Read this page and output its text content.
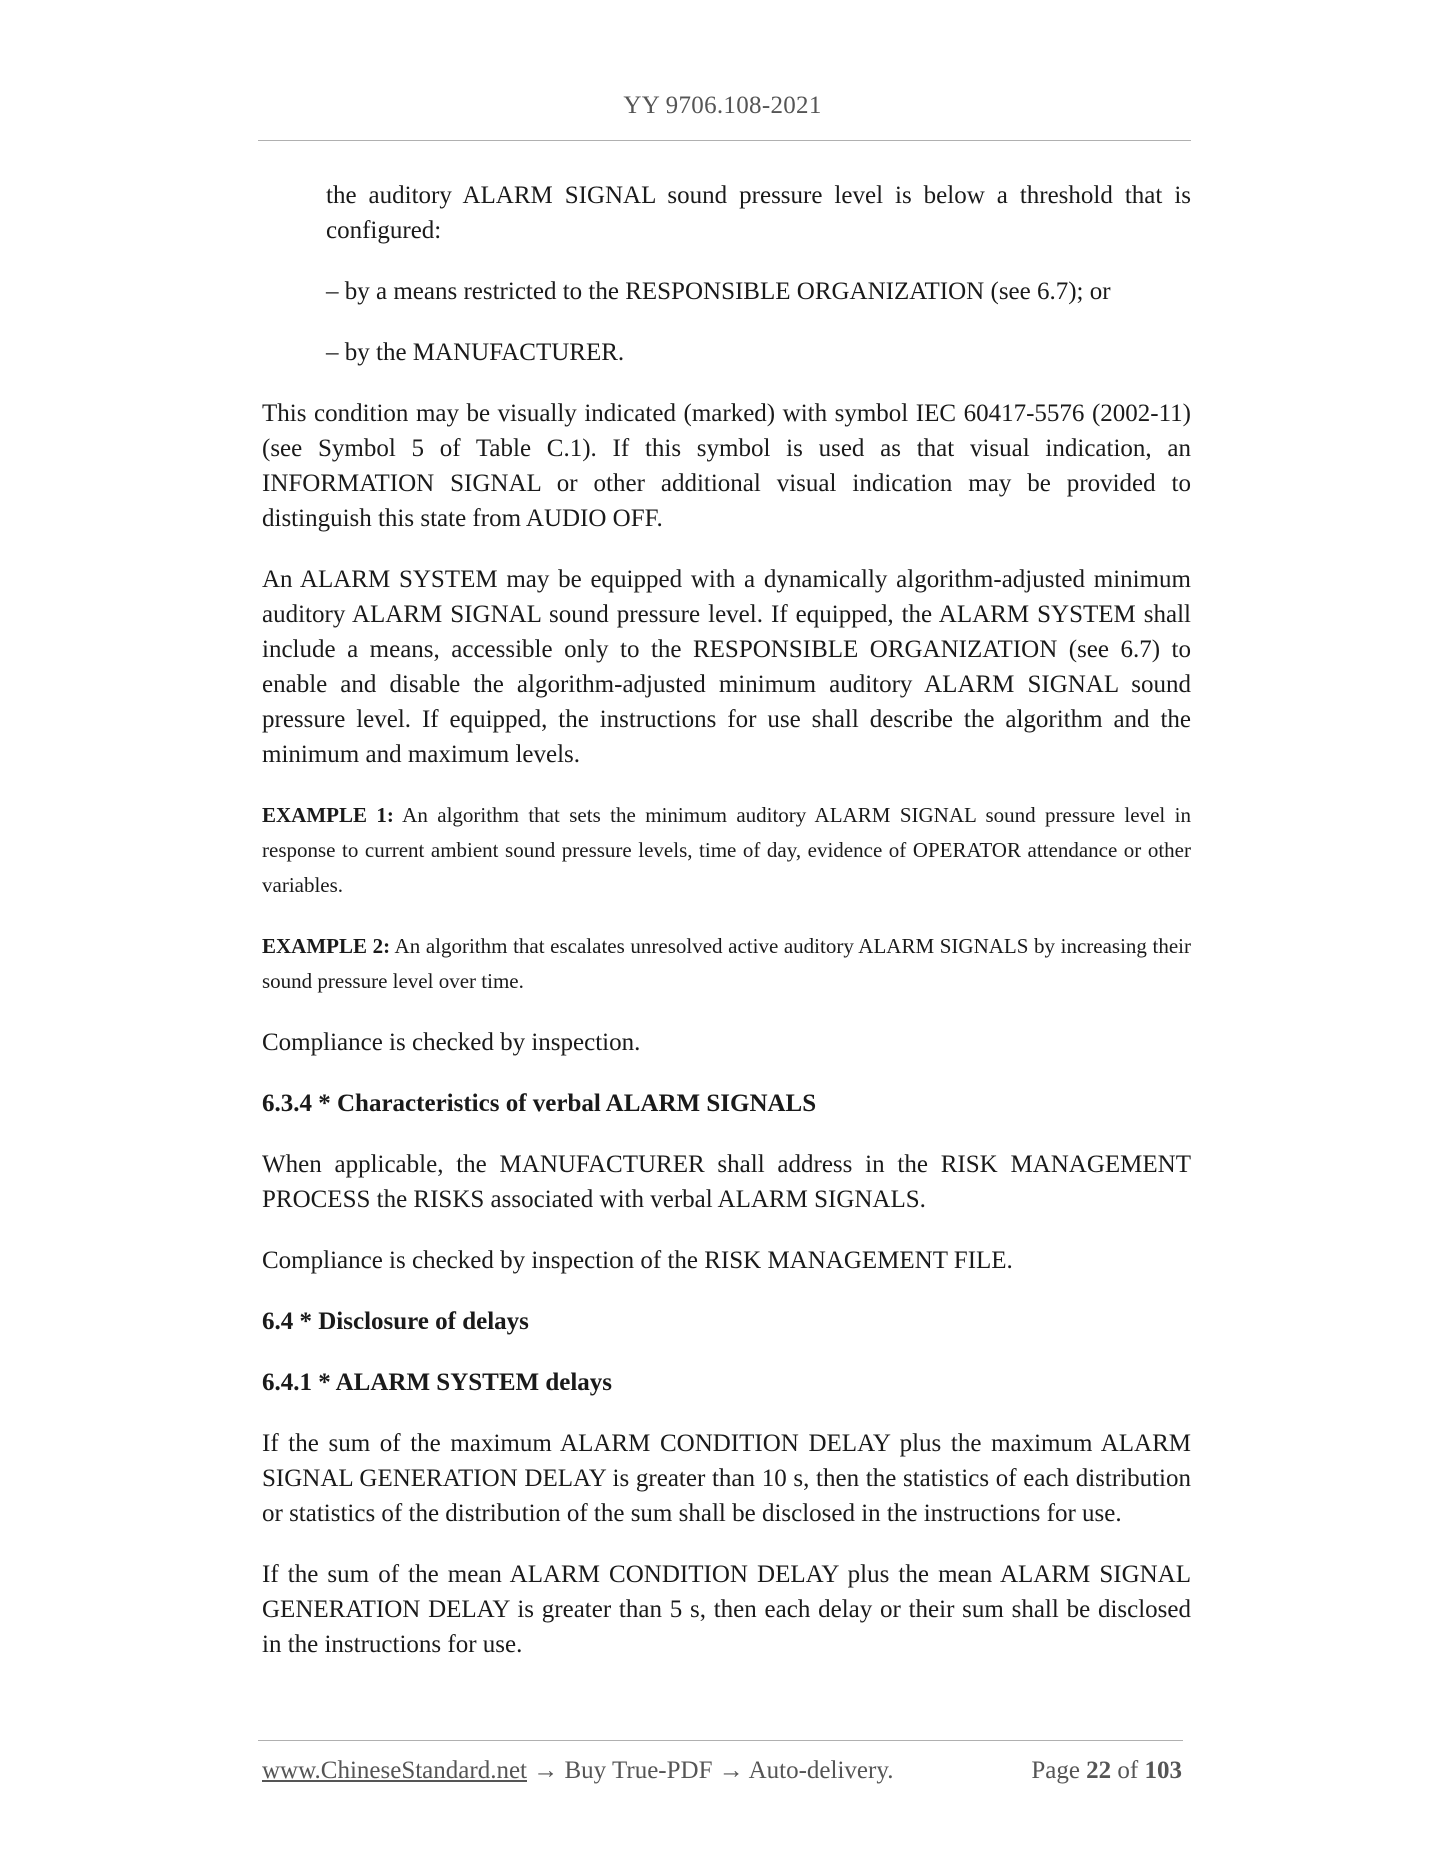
YY 9706.108-2021

the auditory ALARM SIGNAL sound pressure level is below a threshold that is configured:

– by a means restricted to the RESPONSIBLE ORGANIZATION (see 6.7); or

– by the MANUFACTURER.

This condition may be visually indicated (marked) with symbol IEC 60417-5576 (2002-11) (see Symbol 5 of Table C.1). If this symbol is used as that visual indication, an INFORMATION SIGNAL or other additional visual indication may be provided to distinguish this state from AUDIO OFF.

An ALARM SYSTEM may be equipped with a dynamically algorithm-adjusted minimum auditory ALARM SIGNAL sound pressure level. If equipped, the ALARM SYSTEM shall include a means, accessible only to the RESPONSIBLE ORGANIZATION (see 6.7) to enable and disable the algorithm-adjusted minimum auditory ALARM SIGNAL sound pressure level. If equipped, the instructions for use shall describe the algorithm and the minimum and maximum levels.

EXAMPLE 1: An algorithm that sets the minimum auditory ALARM SIGNAL sound pressure level in response to current ambient sound pressure levels, time of day, evidence of OPERATOR attendance or other variables.

EXAMPLE 2: An algorithm that escalates unresolved active auditory ALARM SIGNALS by increasing their sound pressure level over time.

Compliance is checked by inspection.

6.3.4 * Characteristics of verbal ALARM SIGNALS

When applicable, the MANUFACTURER shall address in the RISK MANAGEMENT PROCESS the RISKS associated with verbal ALARM SIGNALS.

Compliance is checked by inspection of the RISK MANAGEMENT FILE.

6.4 * Disclosure of delays

6.4.1 * ALARM SYSTEM delays

If the sum of the maximum ALARM CONDITION DELAY plus the maximum ALARM SIGNAL GENERATION DELAY is greater than 10 s, then the statistics of each distribution or statistics of the distribution of the sum shall be disclosed in the instructions for use.

If the sum of the mean ALARM CONDITION DELAY plus the mean ALARM SIGNAL GENERATION DELAY is greater than 5 s, then each delay or their sum shall be disclosed in the instructions for use.

www.ChineseStandard.net → Buy True-PDF → Auto-delivery.	Page 22 of 103
